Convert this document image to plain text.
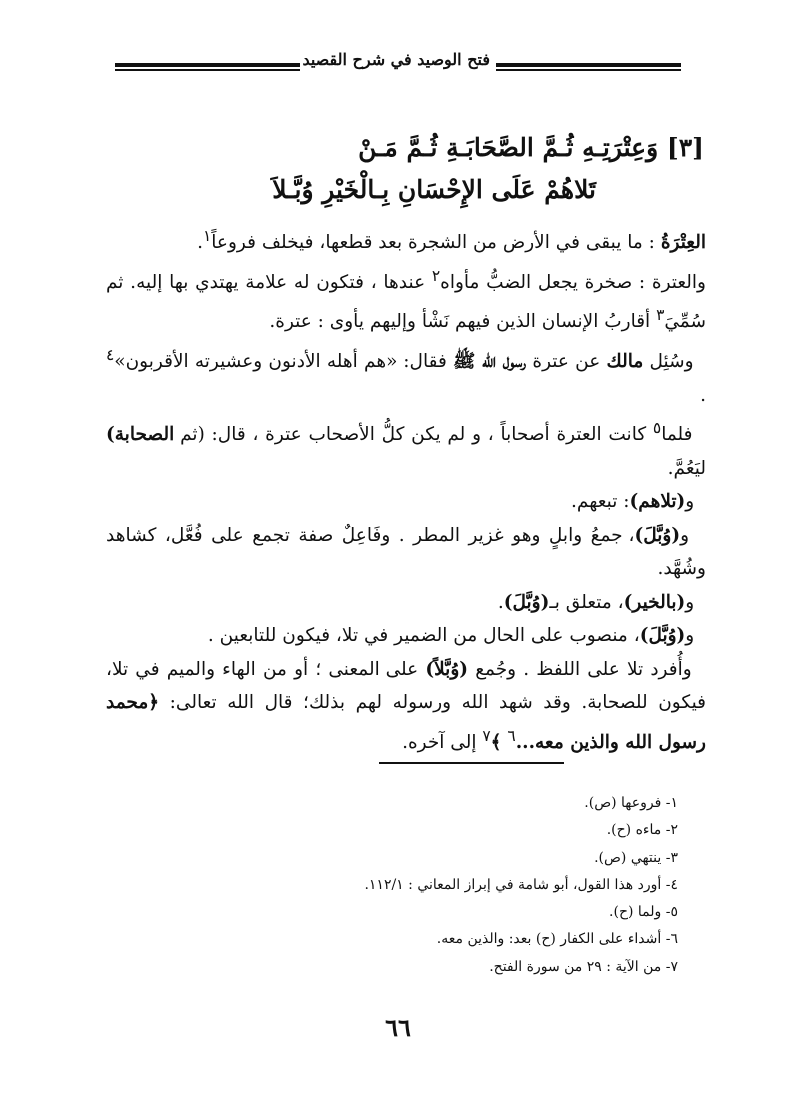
فتح الوصيد في شرح القصيد
[٣] وَعِتْرَتِـهِ ثُـمَّ الصَّحَابَـةِ ثُـمَّ مَـنْ
تَلاهُمْ عَلَى الإِحْسَانِ بِـالْخَيْرِ وُبَّـلاَ

العِتْرَةُ : ما يبقى في الأرض من الشجرة بعد قطعها، فيخلف فروعاً$^١$.

والعترة : صخرة يجعل الضبُّ مأواه$^٢$ عندها ، فتكون له علامة يهتدي بها إليه. ثم سُمِّيَ$^٣$ أقاربُ الإنسان الذين فيهم نَشْأ وإليهم يأوى : عترة.

وسُئِل مالك عن عترة رسول الله ﷺ فقال: «هم أهله الأدنون وعشيرته الأقربون»$^٤$ .

فلما$^٥$ كانت العترة أصحاباً ، و لم يكن كلُّ الأصحاب عترة ، قال: (ثم الصحابة) ليَعُمَّ.

و(تلاهم): تبعهم.

و(وُبَّلَ)، جمعُ وابلٍ وهو غزير المطر . وفَاعِلٌ صفة تجمع على فُعَّل، كشاهد وشُهَّد.

و(بالخير)، متعلق بـ(وُبَّلَ).

و(وُبَّلَ)، منصوب على الحال من الضمير في تلا، فيكون للتابعين .

وأُفرد تلا على اللفظ . وجُمع (وُبَّلاً) على المعنى ؛ أو من الهاء والميم في تلا، فيكون للصحابة. وقد شهد الله ورسوله لهم بذلك؛ قال الله تعالى: ﴿محمد رسول الله والذين معه...$^٦$ ﴾$^٧$ إلى آخره.

١- فروعها (ص).
٢- ماءه (ح).
٣- ينتهي (ص).
٤- أورد هذا القول، أبو شامة في إبراز المعاني : ١١٢/١.
٥- ولما (ح).
٦- أشداء على الكفار (ح) بعد: والذين معه.
٧- من الآية : ٢٩ من سورة الفتح.
٦٦
